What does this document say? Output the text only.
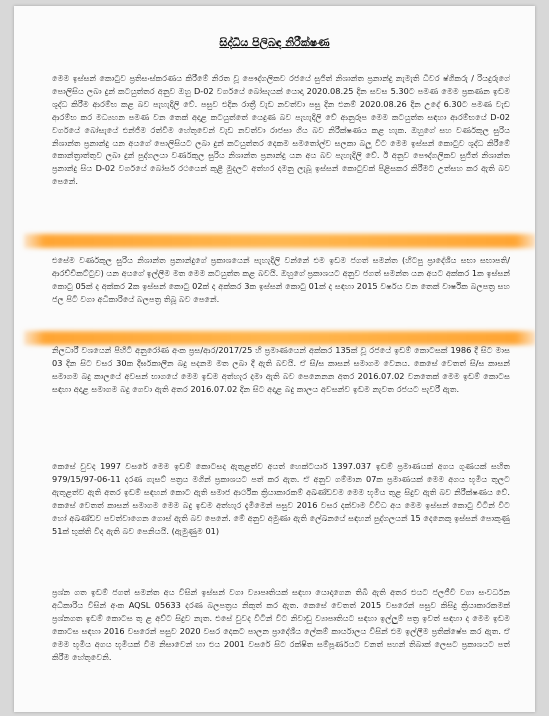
සිද්ධිය පිලිබඳ නිරීක්ෂණ

මෙම ඉස්සන් කොටුව ප්‍රතිසංස්කරණය කිරීමේ නිරත වූ පෞද්ගලිකව රජයේ සුජිත් නිශාන්ත ප්‍රනාන්දු නැමැති ධීවර ෂ්ගිකරු / රියදුරුගේ පොලිසිය ලබා දුන් කටයුත්තර අනුව ඔහු D-02 වර්ගයේ බෝසැයක් යොදා 2020.08.25 දින සවස 5.30ට පමණ මෙම ප්‍රකණන ඉඩම ශුද්ධ කිරීම ආරම්භ කළ බව පැහැදිලි වේ. පසුව එදින රාත්‍රී වැඩ නවත්වා පසු දින එනම් 2020.08.26 දින උදේ 6.30ට පමණ වැඩ ආරම්භ කර මධ්‍යහන පමණ වන තෙක් අදාළ කටයුත්තේ යෙදුණ බව පැහැදිලි වේ ආනුරූප මෙම කටයුත්ත සඳහා ආරම්භයේ D-02 වර්ගයේ බෝසැයේ එන්ජිම රත්වීම හේතුවෙන් වැඩ නවත්වා රාජසා ගිය බව නිරීක්ෂණය කළ හැක. ඔහුගේ සහ වර්ණකුල සුරිය නිශාන්ත ප්‍රනාන්දු යන අයගේ පොලිසියට ලබා දුන් කටයුත්තර දෙකම සමතෝල්ව සලකා බලූ විට මෙම ඉස්සන් කොටුව ශුද්ධ කිරීමේ කොන්ත්‍රාත්තුව ලබා දුන් පුද්ගලයා වර්ණකුල සුරිය නිශාන්ත ප්‍රනාන්දු යන අය බව පැහැදිලි වේ. ඊ අනුව පෞද්ගලිකව සුජිත් නිශාන්ත ප්‍රනාන්දු සිය D-02 වර්ගයේ බෝසර් රථයෙන් කුළී මුදලට අත්හර දමනු ලැබූ ඉස්සන් කොටුවක් පිළිසකර කිරීමට උත්සහ කර ඇති බව පෙනේ.

එසේම වර්ණකුල සුරිය නිශාන්ත ප්‍රනාන්දුගේ ප්‍රකාශයෙන් පැහැදිලි වන්නේ එම ඉඩම ජගත් සමන්ත (හිටපු ප්‍රාදේශීය සභා සභාපති/ ආරච්චිකට්ටුව) යන අයගේ ඉල්ලීම මත මෙම කටයුත්ත කළ බවයි. ඔහුගේ ප්‍රකාශයට අනුව ජගත් සමන්ත යන අයට අක්කර 1ක ඉස්සන් කොටු 05ක් ද අක්කර 2ක ඉස්සන් කොටු 02ක් ද අක්කර 3ක ඉස්සන් කොටු 01ක් ද සඳහා 2015 වර්ෂය වන තෙක් වාර්ෂික බලපත්‍ර සහ ජල පිටි වගා අධිකාරියේ බලපත්‍ර තිබූ බව පෙනේ.

නිලධාරී වශයෙන් පිහිටි අනුරෝණ අංක ප්‍රස/ආර/2017/25 හි ප්‍රමාණයෙන් අක්කර 135ක් වූ රජයේ ඉඩම් කොටසක් 1986 දී සිට මාස 03 දින සිට වසර 30ක දීර්ඝකාලීන බදු පදනම මත ලබා දී ඇති බවයි. ඒ සි/ස කාසන් සමාගම වෙනය. කෙසේ වෙතත් සි/ස කාසන් සමාගම බදු කාලයේ අවසන් භාගයේ මෙම ඉඩම අත්හැර දමා ඇති බව පෙනෙනන අතර 2016.07.02 වනතෙක් මෙම ඉඩම් කොටස සඳහා අදාළ සමාගම බදු ගෙවා ඇති අතර 2016.07.02 දින සිට අදාළ බදු කාලය අවසන්ව ඉඩම නැවත රජයට පැවරී ඇත.

කෙසේ වුවද 1997 වසරේ මෙම ඉඩම් කොටසද ඇතුළත්ව අයත් හෙක්ටයාර් 1397.037 ඉඩම් ප්‍රමාණයක් අගය ගුණයක් සහිත 979/15/97-06-11 දරණ ගැසට් පත්‍රය මගින් ප්‍රකාශයට පත් කර ඇත. ඒ අනුව ගම්මාන 07ක ප්‍රමාණයක් මෙම අගය භූමිය තුලට ඇතුළත්ව ඇති අතර ඉඩම් සඳහන් කොට ඇති සමාජ ආර්ථික ක්‍රියාකාරකම් අඛණ්ඩවම මෙම භූමිය තුළ සිදුව ඇති බව නිරීක්ෂණය වේ. කෙසේ වෙතත් කාසන් සමාගම මෙම බදු ඉඩම අත්හැර දැමීමෙන් පසුව 2016 වසර දක්වාම විවිධ අය මෙම ඉස්සන් කොටු විටින් විට හෝ අඛණ්ඩව පවත්වාගෙන ගොස් ඇති බව පෙනේ. මේ අනුව අමුණා ඇති ලේඛනයේ සඳහන් පුද්ගලයන් 15 දෙනෙකු ඉස්සන් පොකුණු 51ක් භුක්ති විද ඇති බව පෙනියයි. (ඇමුණුම 01)

ප්‍රශ්න ගත ඉඩම් ජගත් සමන්ත අය විසින් ඉස්සන් වගා ව්‍යාපෘතියක් සඳහා යොදාගෙන තිබී ඇති අතර එයට ජලජීවී වගා සංවර්ධන අධිකාරිය විසින් අංක AQSL 05633 දරණ බලපත්‍රය නිකුත් කර ඇත. කෙසේ වෙතත් 2015 වසරෙන් පසුව කිසිදු ක්‍රියාකාරකමක් ප්‍රශ්නගත ඉඩම් කොටස තු ළ අව්ට සිදුව නැත. එසේ වුවද විටින් විට නිවාඩු ව්‍යාපෘතියට සඳහා ඉල්ලුම් පත්‍ර ඉවත් සඳහා ද මෙම ඉඩම කොටස සඳහා 2016 වසරෙන් පසුව 2020 වසර දෙකට පාලන ප්‍රාදේශීය ලේකම් කාර්යාලය විසින් එම ඉල්ලීම ප්‍රතික්ෂේප කර ඇත. ඒ මෙම භූමිය අගය භූමියක් වීම නිසාවෙන් හා එය 2001 වසරේ සිට රක්ෂිත සම්පූර්ණයට වනත් පහන් තිබාක් ලෙසට ප්‍රකාශයට පත් කිරීම හේතුවෙනි.
